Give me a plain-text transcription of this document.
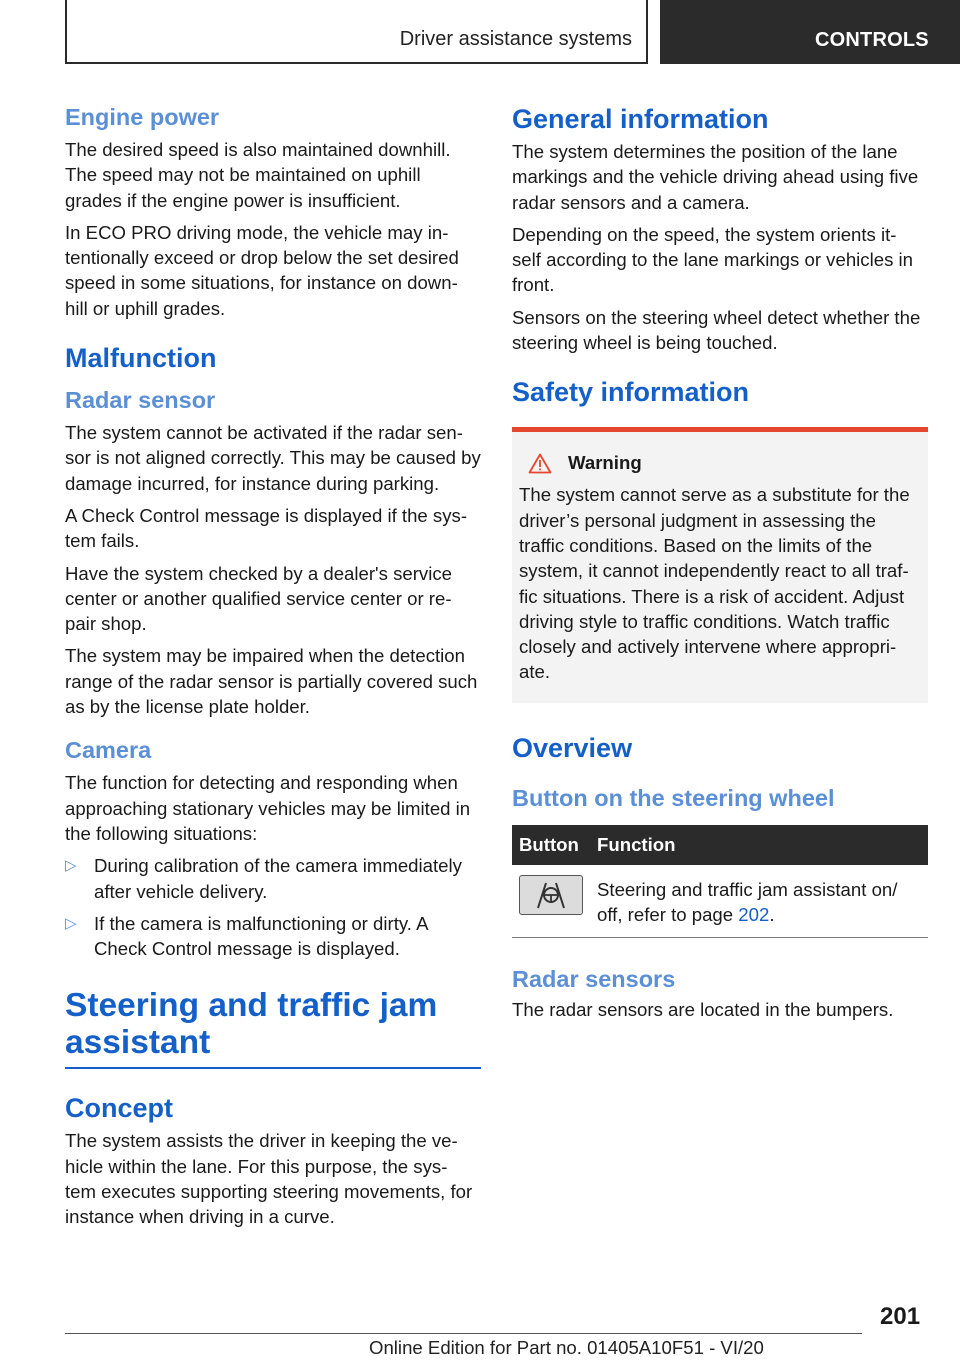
Driver assistance systems	CONTROLS
Engine power

The desired speed is also maintained downhill. The speed may not be maintained on uphill grades if the engine power is insufficient.

In ECO PRO driving mode, the vehicle may in- tentionally exceed or drop below the set desired speed in some situations, for instance on down- hill or uphill grades.

Malfunction
Radar sensor

The system cannot be activated if the radar sen- sor is not aligned correctly. This may be caused by damage incurred, for instance during parking.

A Check Control message is displayed if the sys- tem fails.

Have the system checked by a dealer's service center or another qualified service center or re- pair shop.

The system may be impaired when the detection range of the radar sensor is partially covered such as by the license plate holder.

Camera

The function for detecting and responding when approaching stationary vehicles may be limited in the following situations:

▷ During calibration of the camera immediately after vehicle delivery.
▷ If the camera is malfunctioning or dirty. A Check Control message is displayed.
Steering and traffic jam assistant
Concept

The system assists the driver in keeping the ve- hicle within the lane. For this purpose, the sys- tem executes supporting steering movements, for instance when driving in a curve.

General information

The system determines the position of the lane markings and the vehicle driving ahead using five radar sensors and a camera.

Depending on the speed, the system orients it- self according to the lane markings or vehicles in front.

Sensors on the steering wheel detect whether the steering wheel is being touched.

Safety information
Warning

The system cannot serve as a substitute for the driver’s personal judgment in assessing the traffic conditions. Based on the limits of the system, it cannot independently react to all traf- fic situations. There is a risk of accident. Adjust driving style to traffic conditions. Watch traffic closely and actively intervene where appropri- ate.

Overview
Button on the steering wheel
Button	Function

	Steering and traffic jam assistant on/ off, refer to page 202.
Radar sensors

The radar sensors are located in the bumpers.

201
Online Edition for Part no. 01405A10F51 - VI/20
